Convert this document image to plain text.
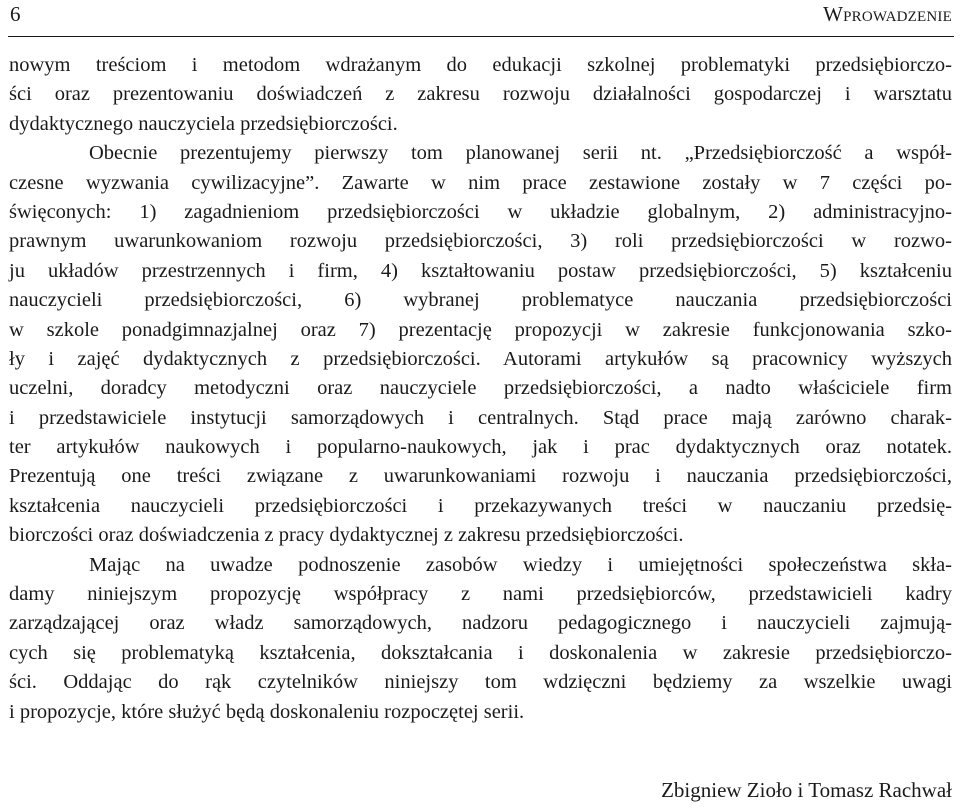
6	Wprowadzenie
nowym treściom i metodom wdrażanym do edukacji szkolnej problematyki przedsiębiorczo-
ści oraz prezentowaniu doświadczeń z zakresu rozwoju działalności gospodarczej i warsztatu
dydaktycznego nauczyciela przedsiębiorczości.
Obecnie prezentujemy pierwszy tom planowanej serii nt. „Przedsiębiorczość a współ-
czesne wyzwania cywilizacyjne”. Zawarte w nim prace zestawione zostały w 7 części po-
święconych: 1) zagadnieniom przedsiębiorczości w układzie globalnym, 2) administracyjno-
prawnym uwarunkowaniom rozwoju przedsiębiorczości, 3) roli przedsiębiorczości w rozwo-
ju układów przestrzennych i firm, 4) kształtowaniu postaw przedsiębiorczości, 5) kształceniu
nauczycieli przedsiębiorczości, 6) wybranej problematyce nauczania przedsiębiorczości
w szkole ponadgimnazjalnej oraz 7) prezentację propozycji w zakresie funkcjonowania szko-
ły i zajęć dydaktycznych z przedsiębiorczości. Autorami artykułów są pracownicy wyższych
uczelni, doradcy metodyczni oraz nauczyciele przedsiębiorczości, a nadto właściciele firm
i przedstawiciele instytucji samorządowych i centralnych. Stąd prace mają zarówno charak-
ter artykułów naukowych i popularno-naukowych, jak i prac dydaktycznych oraz notatek.
Prezentują one treści związane z uwarunkowaniami rozwoju i nauczania przedsiębiorczości,
kształcenia nauczycieli przedsiębiorczości i przekazywanych treści w nauczaniu przedsię-
biorczości oraz doświadczenia z pracy dydaktycznej z zakresu przedsiębiorczości.
Mając na uwadze podnoszenie zasobów wiedzy i umiejętności społeczeństwa skła-
damy niniejszym propozycję współpracy z nami przedsiębiorców, przedstawicieli kadry
zarządzającej oraz władz samorządowych, nadzoru pedagogicznego i nauczycieli zajmują-
cych się problematyką kształcenia, dokształcania i doskonalenia w zakresie przedsiębiorczo-
ści. Oddając do rąk czytelników niniejszy tom wdzięczni będziemy za wszelkie uwagi
i propozycje, które służyć będą doskonaleniu rozpoczętej serii.
Zbigniew Zioło i Tomasz Rachwał
